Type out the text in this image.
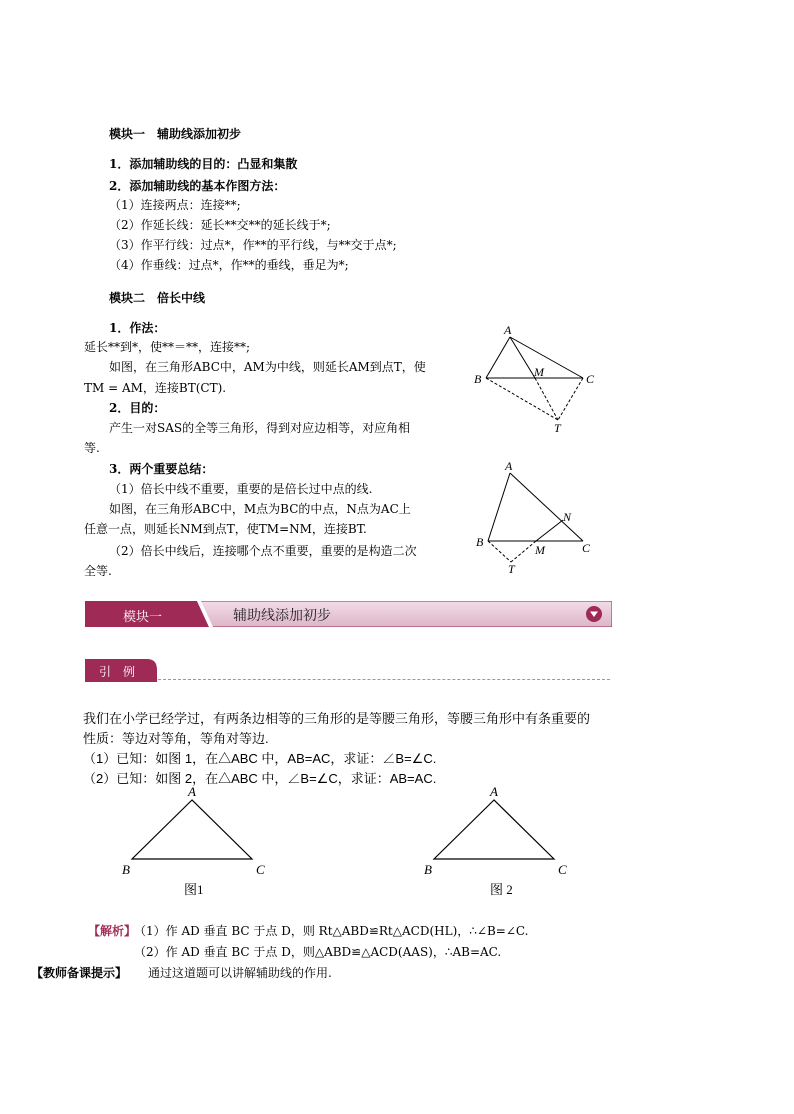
模块一　辅助线添加初步
1．添加辅助线的目的：凸显和集散
2．添加辅助线的基本作图方法：
（1）连接两点：连接**;
（2）作延长线：延长**交**的延长线于*;
（3）作平行线：过点*，作**的平行线，与**交于点*;
（4）作垂线：过点*，作**的垂线，垂足为*;
模块二　倍长中线
1．作法：
延长**到*，使**＝**，连接**;
如图，在三角形ABC中，AM为中线，则延长AM到点T，使
TM = AM，连接BT(CT).
2．目的：
产生一对SAS的全等三角形，得到对应边相等，对应角相
等.
3．两个重要总结：
（1）倍长中线不重要，重要的是倍长过中点的线.
如图，在三角形ABC中，M点为BC的中点，N点为AC上
任意一点，则延长NM到点T，使TM=NM，连接BT.
（2）倍长中线后，连接哪个点不重要，重要的是构造二次
全等.
A
B	M	C
T
A
N
B
M	C
T
模块一	辅助线添加初步
引　例
我们在小学已经学过，有两条边相等的三角形的是等腰三角形，等腰三角形中有条重要的
性质：等边对等角，等角对等边.
（1）已知：如图 1，在△ABC 中，AB=AC，求证：∠B=∠C.
（2）已知：如图 2，在△ABC 中，∠B=∠C，求证：AB=AC.
A
B	C
图1
A
B	C
图 2
【解析】
（1）作 AD 垂直 BC 于点 D，则 Rt△ABD≌Rt△ACD(HL)，∴∠B=∠C.
（2）作 AD 垂直 BC 于点 D，则△ABD≌△ACD(AAS)，∴AB=AC.
【教师备课提示】 通过这道题可以讲解辅助线的作用.
